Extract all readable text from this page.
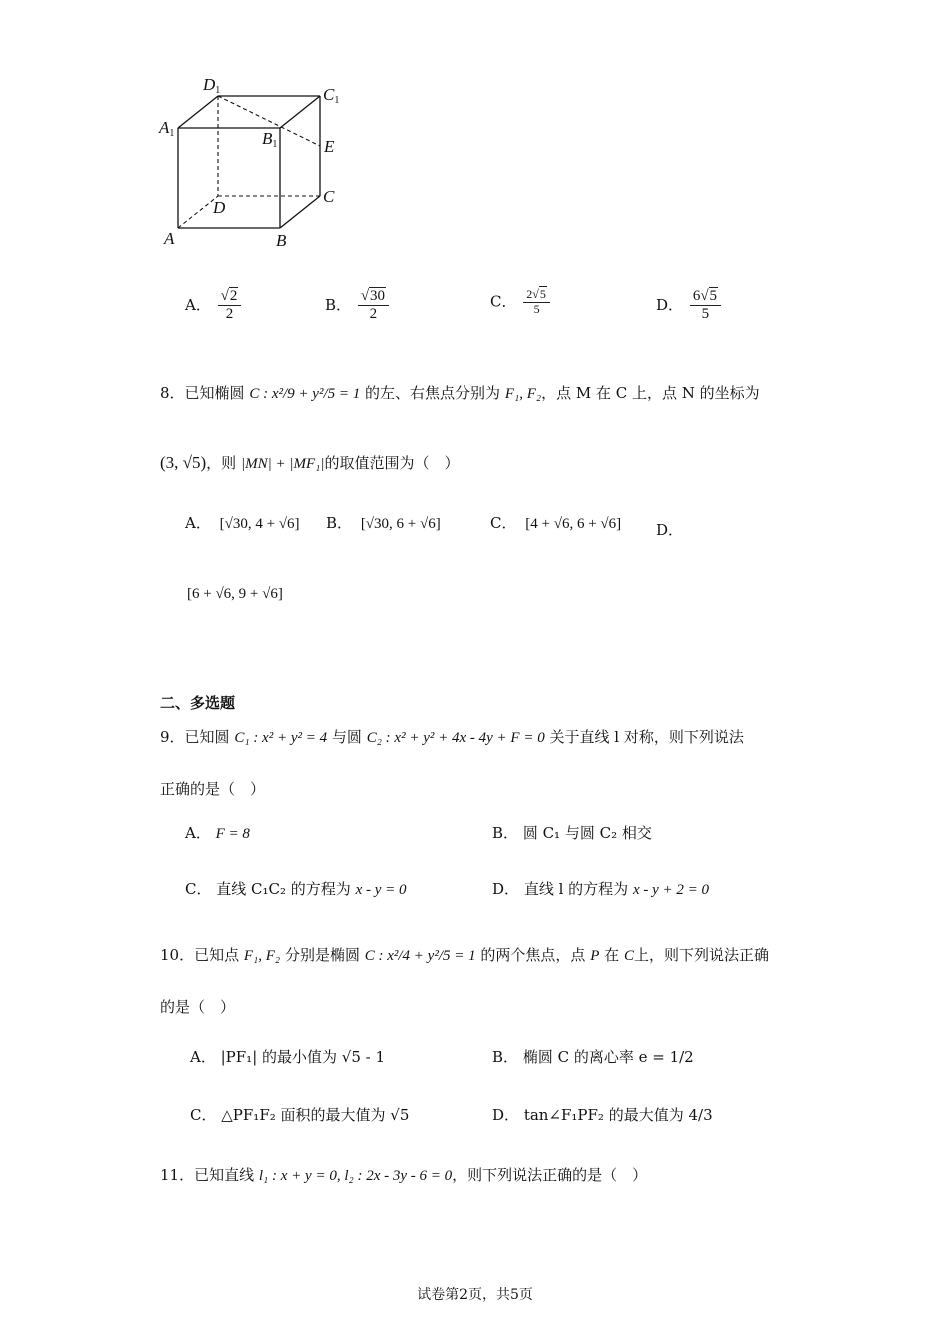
D1	C1
A1	B1	E
D
C
A	B
A． $\frac{√2}{2}$	B． $\frac{√30}{2}$	C． $\frac{2√5}{5}$	D． $\frac{6√5}{5}$
8．已知椭圆 C : x²/9 + y²/5 = 1 的左、右焦点分别为 F₁, F₂，点 M 在 C 上，点 N 的坐标为
(3, √5)，则 |MN| + |MF₁|的取值范围为（　）
A． [√30, 4 + √6] B． [√30, 6 + √6]	C． [4 + √6, 6 + √6] D．
[6 + √6, 9 + √6]
二、多选题
9．已知圆 C₁ : x² + y² = 4 与圆 C₂ : x² + y² + 4x - 4y + F = 0 关于直线 l 对称，则下列说法
正确的是（　）
A． F = 8	B． 圆 C₁ 与圆 C₂ 相交
C． 直线 C₁C₂ 的方程为 x - y = 0	D． 直线 l 的方程为 x - y + 2 = 0
10．已知点 F₁, F₂ 分别是椭圆 C : x²/4 + y²/5 = 1 的两个焦点，点 P 在 C上，则下列说法正确
的是（　）
A． |PF₁| 的最小值为 √5 - 1	B． 椭圆 C 的离心率 e = 1/2
C． △PF₁F₂ 面积的最大值为 √5	D． tan∠F₁PF₂ 的最大值为 4/3
11．已知直线 l₁ : x + y = 0, l₂ : 2x - 3y - 6 = 0，则下列说法正确的是（　）
试卷第2页，共5页
